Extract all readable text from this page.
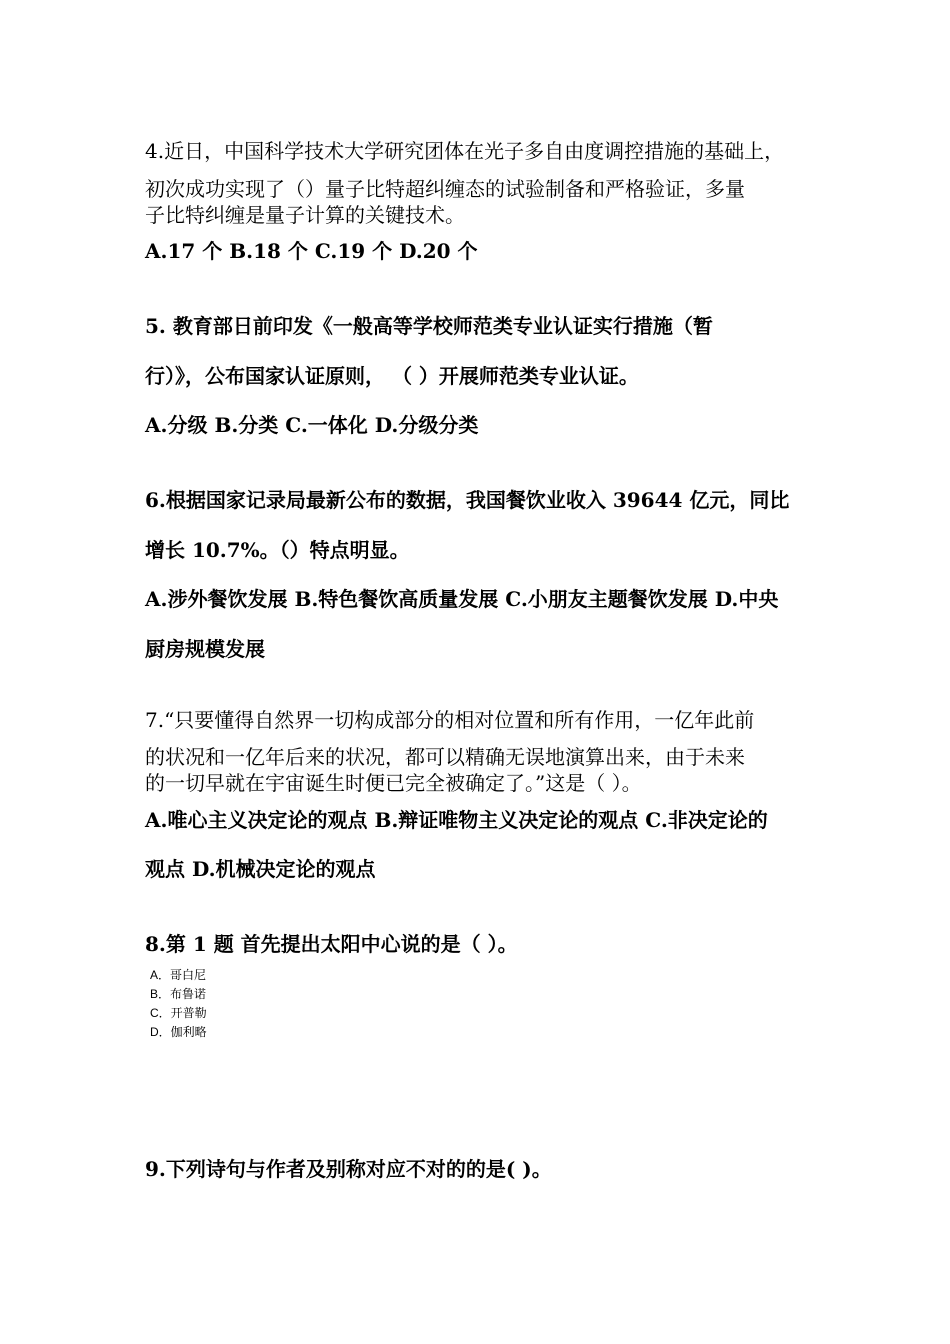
4.近日，中国科学技术大学研究团体在光子多自由度调控措施的基础上，
初次成功实现了（）量子比特超纠缠态的试验制备和严格验证，多量
子比特纠缠是量子计算的关键技术。
A.17 个 B.18 个 C.19 个 D.20 个
5. 教育部日前印发《一般高等学校师范类专业认证实行措施（暂
行）》，公布国家认证原则， （ ）开展师范类专业认证。
A.分级 B.分类 C.一体化 D.分级分类
6.根据国家记录局最新公布的数据，我国餐饮业收入 39644 亿元，同比
增长 10.7%。（）特点明显。
A.涉外餐饮发展 B.特色餐饮高质量发展 C.小朋友主题餐饮发展 D.中央
厨房规模发展
7.“只要懂得自然界一切构成部分的相对位置和所有作用，一亿年此前
的状况和一亿年后来的状况，都可以精确无误地演算出来，由于未来
的一切早就在宇宙诞生时便已完全被确定了。”这是（ ）。
A.唯心主义决定论的观点 B.辩证唯物主义决定论的观点 C.非决定论的
观点 D.机械决定论的观点
8.第 1 题 首先提出太阳中心说的是（ ）。
A．哥白尼
B．布鲁诺
C．开普勒
D．伽利略
9.下列诗句与作者及别称对应不对的的是( )。
